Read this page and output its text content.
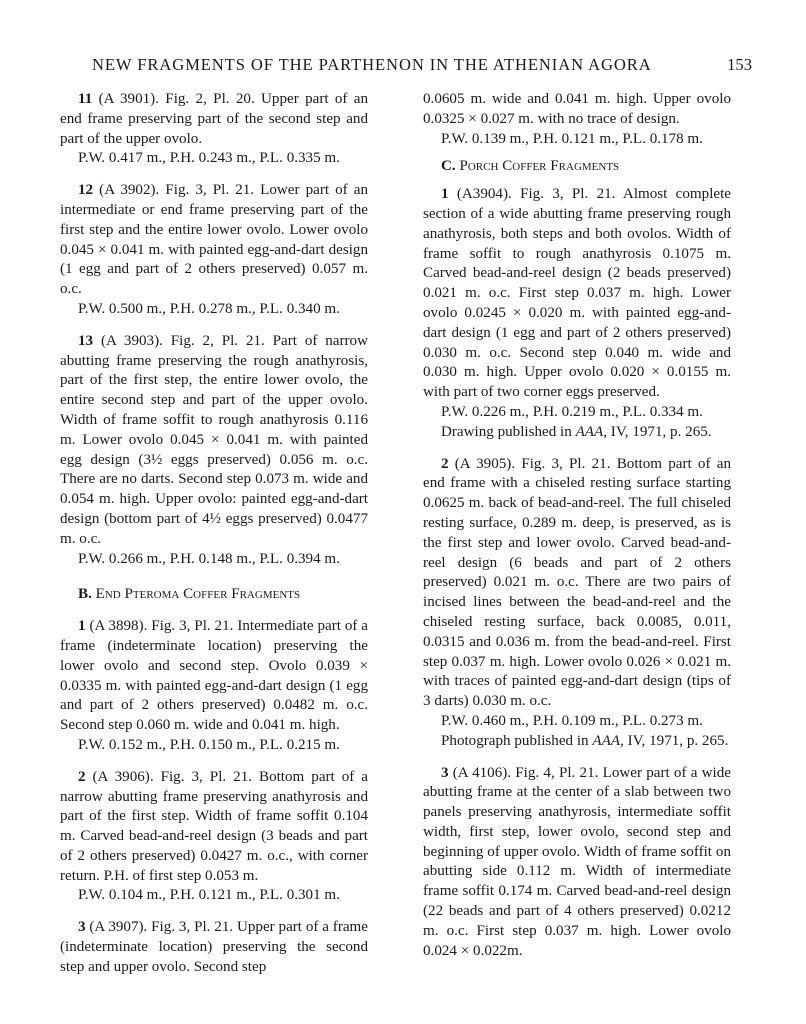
NEW FRAGMENTS OF THE PARTHENON IN THE ATHENIAN AGORA	153

11 (A 3901). Fig. 2, Pl. 20. Upper part of an end frame preserving part of the second step and part of the upper ovolo.

P.W. 0.417 m., P.H. 0.243 m., P.L. 0.335 m.

12 (A 3902). Fig. 3, Pl. 21. Lower part of an intermediate or end frame preserving part of the first step and the entire lower ovolo. Lower ovolo 0.045 × 0.041 m. with painted egg-and-dart design (1 egg and part of 2 others preserved) 0.057 m. o.c.

P.W. 0.500 m., P.H. 0.278 m., P.L. 0.340 m.

13 (A 3903). Fig. 2, Pl. 21. Part of narrow abutting frame preserving the rough anathyrosis, part of the first step, the entire lower ovolo, the entire second step and part of the upper ovolo. Width of frame soffit to rough anathyrosis 0.116 m. Lower ovolo 0.045 × 0.041 m. with painted egg design (3½ eggs preserved) 0.056 m. o.c. There are no darts. Second step 0.073 m. wide and 0.054 m. high. Upper ovolo: painted egg-and-dart design (bottom part of 4½ eggs preserved) 0.0477 m. o.c.

P.W. 0.266 m., P.H. 0.148 m., P.L. 0.394 m.

B. End Pteroma Coffer Fragments

1 (A 3898). Fig. 3, Pl. 21. Intermediate part of a frame (indeterminate location) preserving the lower ovolo and second step. Ovolo 0.039 × 0.0335 m. with painted egg-and-dart design (1 egg and part of 2 others preserved) 0.0482 m. o.c. Second step 0.060 m. wide and 0.041 m. high.

P.W. 0.152 m., P.H. 0.150 m., P.L. 0.215 m.

2 (A 3906). Fig. 3, Pl. 21. Bottom part of a narrow abutting frame preserving anathyrosis and part of the first step. Width of frame soffit 0.104 m. Carved bead-and-reel design (3 beads and part of 2 others preserved) 0.0427 m. o.c., with corner return. P.H. of first step 0.053 m.

P.W. 0.104 m., P.H. 0.121 m., P.L. 0.301 m.

3 (A 3907). Fig. 3, Pl. 21. Upper part of a frame (indeterminate location) preserving the second step and upper ovolo. Second step

0.0605 m. wide and 0.041 m. high. Upper ovolo 0.0325 × 0.027 m. with no trace of design.

P.W. 0.139 m., P.H. 0.121 m., P.L. 0.178 m.

C. Porch Coffer Fragments

1 (A3904). Fig. 3, Pl. 21. Almost complete section of a wide abutting frame preserving rough anathyrosis, both steps and both ovolos. Width of frame soffit to rough anathyrosis 0.1075 m. Carved bead-and-reel design (2 beads preserved) 0.021 m. o.c. First step 0.037 m. high. Lower ovolo 0.0245 × 0.020 m. with painted egg-and-dart design (1 egg and part of 2 others preserved) 0.030 m. o.c. Second step 0.040 m. wide and 0.030 m. high. Upper ovolo 0.020 × 0.0155 m. with part of two corner eggs preserved.

P.W. 0.226 m., P.H. 0.219 m., P.L. 0.334 m.

Drawing published in AAA, IV, 1971, p. 265.

2 (A 3905). Fig. 3, Pl. 21. Bottom part of an end frame with a chiseled resting surface starting 0.0625 m. back of bead-and-reel. The full chiseled resting surface, 0.289 m. deep, is preserved, as is the first step and lower ovolo. Carved bead-and-reel design (6 beads and part of 2 others preserved) 0.021 m. o.c. There are two pairs of incised lines between the bead-and-reel and the chiseled resting surface, back 0.0085, 0.011, 0.0315 and 0.036 m. from the bead-and-reel. First step 0.037 m. high. Lower ovolo 0.026 × 0.021 m. with traces of painted egg-and-dart design (tips of 3 darts) 0.030 m. o.c.

P.W. 0.460 m., P.H. 0.109 m., P.L. 0.273 m.

Photograph published in AAA, IV, 1971, p. 265.

3 (A 4106). Fig. 4, Pl. 21. Lower part of a wide abutting frame at the center of a slab between two panels preserving anathyrosis, intermediate soffit width, first step, lower ovolo, second step and beginning of upper ovolo. Width of frame soffit on abutting side 0.112 m. Width of intermediate frame soffit 0.174 m. Carved bead-and-reel design (22 beads and part of 4 others preserved) 0.0212 m. o.c. First step 0.037 m. high. Lower ovolo 0.024 × 0.022m.
